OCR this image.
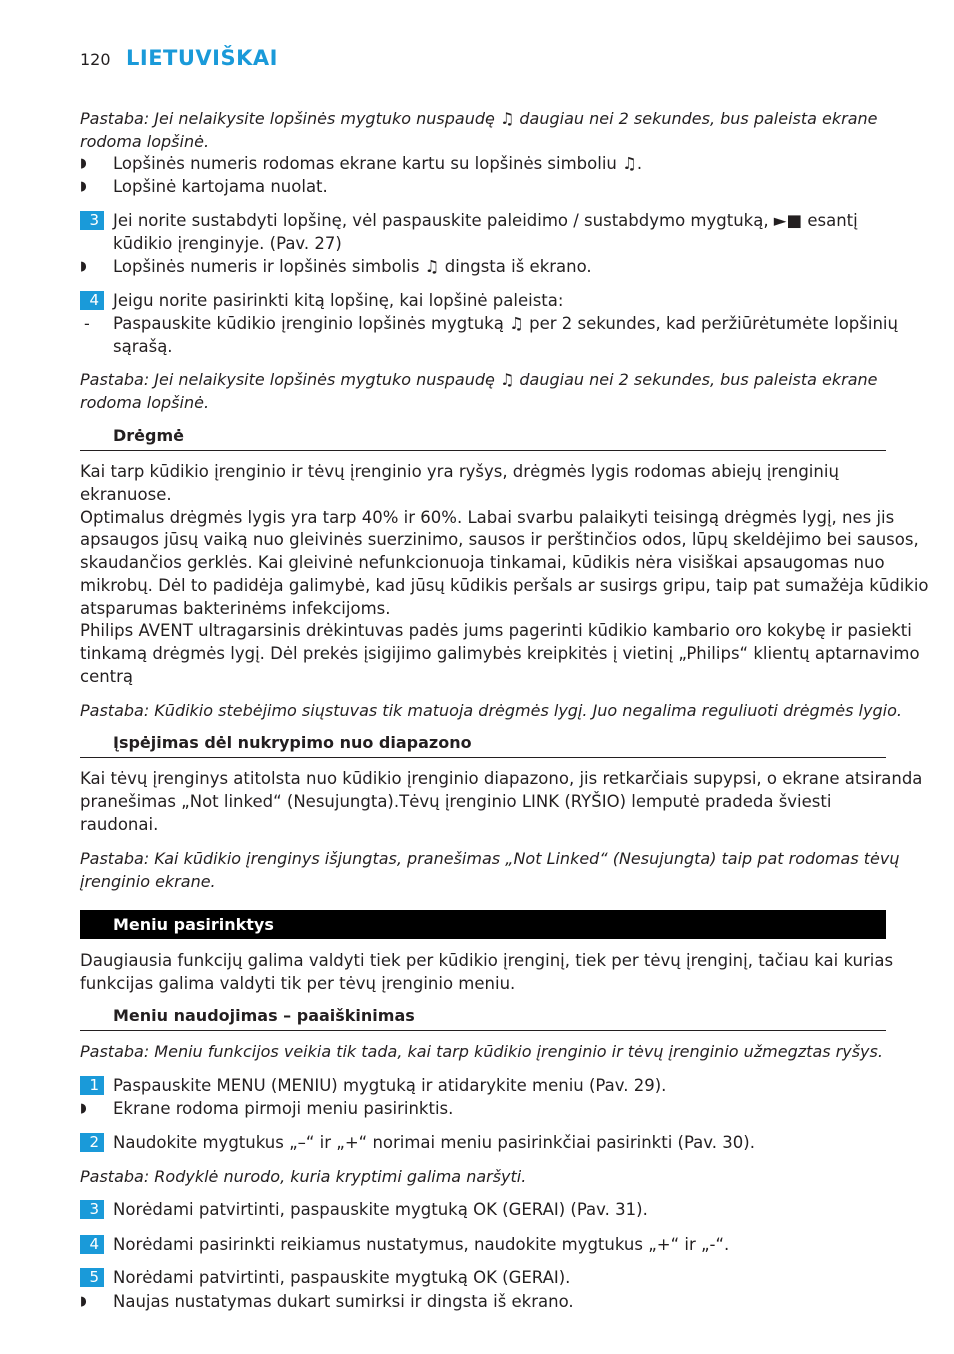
120 LIETUVIŠKAI
Pastaba: Jei nelaikysite lopšinės mygtuko nuspaudę ♫ daugiau nei 2 sekundes, bus paleista ekrane
rodoma lopšinė.
◗ Lopšinės numeris rodomas ekrane kartu su lopšinės simboliu ♫.
◗ Lopšinė kartojama nuolat.
3 Jei norite sustabdyti lopšinę, vėl paspauskite paleidimo / sustabdymo mygtuką, ►■ esantį
kūdikio įrenginyje. (Pav. 27)
◗ Lopšinės numeris ir lopšinės simbolis ♫ dingsta iš ekrano.
4 Jeigu norite pasirinkti kitą lopšinę, kai lopšinė paleista:
- Paspauskite kūdikio įrenginio lopšinės mygtuką ♫ per 2 sekundes, kad peržiūrėtumėte lopšinių
sąrašą.
Pastaba: Jei nelaikysite lopšinės mygtuko nuspaudę ♫ daugiau nei 2 sekundes, bus paleista ekrane
rodoma lopšinė.
Drėgmė
Kai tarp kūdikio įrenginio ir tėvų įrenginio yra ryšys, drėgmės lygis rodomas abiejų įrenginių
ekranuose.
Optimalus drėgmės lygis yra tarp 40% ir 60%. Labai svarbu palaikyti teisingą drėgmės lygį, nes jis
apsaugos jūsų vaiką nuo gleivinės suerzinimo, sausos ir perštinčios odos, lūpų skeldėjimo bei sausos,
skaudančios gerklės. Kai gleivinė nefunkcionuoja tinkamai, kūdikis nėra visiškai apsaugomas nuo
mikrobų. Dėl to padidėja galimybė, kad jūsų kūdikis peršals ar susirgs gripu, taip pat sumažėja kūdikio
atsparumas bakterinėms infekcijoms.
Philips AVENT ultragarsinis drėkintuvas padės jums pagerinti kūdikio kambario oro kokybę ir pasiekti
tinkamą drėgmės lygį. Dėl prekės įsigijimo galimybės kreipkitės į vietinį „Philips“ klientų aptarnavimo
centrą
Pastaba: Kūdikio stebėjimo siųstuvas tik matuoja drėgmės lygį. Juo negalima reguliuoti drėgmės lygio.
Įspėjimas dėl nukrypimo nuo diapazono
Kai tėvų įrenginys atitolsta nuo kūdikio įrenginio diapazono, jis retkarčiais supypsi, o ekrane atsiranda
pranešimas „Not linked“ (Nesujungta).Tėvų įrenginio LINK (RYŠIO) lemputė pradeda šviesti
raudonai.
Pastaba: Kai kūdikio įrenginys išjungtas, pranešimas „Not Linked“ (Nesujungta) taip pat rodomas tėvų
įrenginio ekrane.
Meniu pasirinktys
Daugiausia funkcijų galima valdyti tiek per kūdikio įrenginį, tiek per tėvų įrenginį, tačiau kai kurias
funkcijas galima valdyti tik per tėvų įrenginio meniu.
Meniu naudojimas – paaiškinimas
Pastaba: Meniu funkcijos veikia tik tada, kai tarp kūdikio įrenginio ir tėvų įrenginio užmegztas ryšys.
1 Paspauskite MENU (MENIU) mygtuką ir atidarykite meniu (Pav. 29).
◗ Ekrane rodoma pirmoji meniu pasirinktis.
2 Naudokite mygtukus „–“ ir „+“ norimai meniu pasirinkčiai pasirinkti (Pav. 30).
Pastaba: Rodyklė nurodo, kuria kryptimi galima naršyti.
3 Norėdami patvirtinti, paspauskite mygtuką OK (GERAI) (Pav. 31).
4 Norėdami pasirinkti reikiamus nustatymus, naudokite mygtukus „+“ ir „-“.
5 Norėdami patvirtinti, paspauskite mygtuką OK (GERAI).
◗ Naujas nustatymas dukart sumirksi ir dingsta iš ekrano.
